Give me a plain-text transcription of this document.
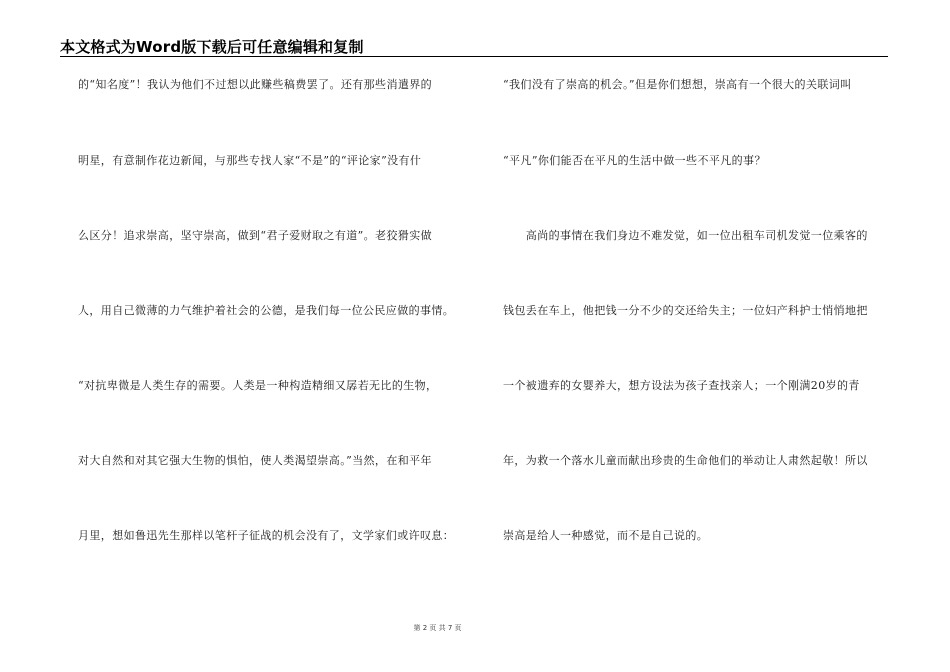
本文格式为Word版下载后可任意编辑和复制
的“知名度”！我认为他们不过想以此赚些稿费罢了。还有那些消遣界的
明星，有意制作花边新闻，与那些专找人家“不是”的“评论家”没有什
么区分！追求崇高，坚守崇高，做到“君子爱财取之有道”。老狡猾实做
人，用自己微薄的力气维护着社会的公德，是我们每一位公民应做的事情。
“对抗卑微是人类生存的需要。人类是一种构造精细又孱若无比的生物，
对大自然和对其它强大生物的惧怕，使人类渴望崇高。”当然，在和平年
月里，想如鲁迅先生那样以笔杆子征战的机会没有了，文学家们或许叹息：
“我们没有了崇高的机会。”但是你们想想，崇高有一个很大的关联词叫
“平凡”你们能否在平凡的生活中做一些不平凡的事？
　　高尚的事情在我们身边不难发觉，如一位出租车司机发觉一位乘客的
钱包丢在车上，他把钱一分不少的交还给失主；一位妇产科护士悄悄地把
一个被遗弃的女婴养大，想方设法为孩子查找亲人；一个刚满20岁的青
年，为救一个落水儿童而献出珍贵的生命他们的举动让人肃然起敬！所以
崇高是给人一种感觉，而不是自己说的。
第 2 页 共 7 页
